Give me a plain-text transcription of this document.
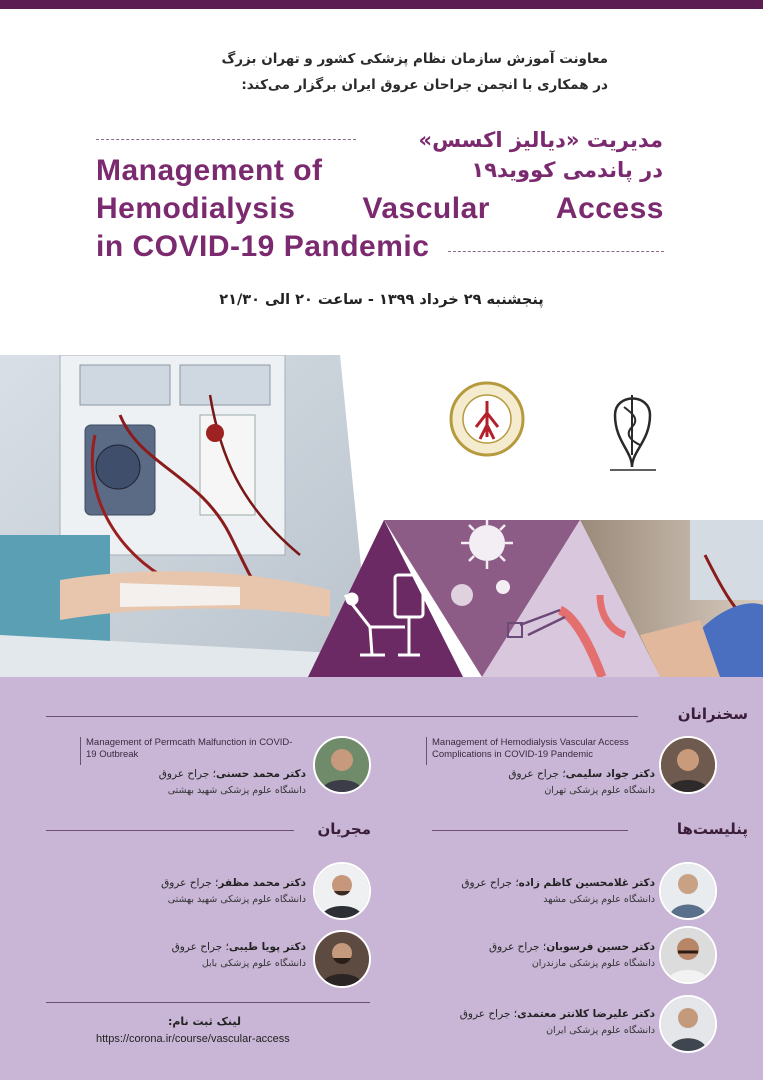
معاونت آموزش سازمان نظام پزشکی کشور و تهران بزرگ
در همکاری با انجمن جراحان عروق ایران برگزار می‌کند:
مدیریت «دیالیز اکسس»
در پاندمی کووید۱۹
Management of
Hemodialysis Vascular Access
in COVID-19 Pandemic
پنجشنبه ۲۹ خرداد ۱۳۹۹ - ساعت ۲۰ الی ۲۱/۳۰
سخنرانان
Management of Hemodialysis Vascular Access Complications in COVID-19 Pandemic
دکتر جواد سلیمی؛ جراح عروق
دانشگاه علوم پزشکی تهران
Management of Permcath Malfunction in COVID-19 Outbreak
دکتر محمد حسنی؛ جراح عروق
دانشگاه علوم پزشکی شهید بهشتی
مجریان	پنلیست‌ها
دکتر غلامحسین کاظم زاده؛ جراح عروق
دانشگاه علوم پزشکی مشهد
دکتر حسین فرسوبان؛ جراح عروق
دانشگاه علوم پزشکی مازندران
دکتر علیرضا کلانتر معتمدی؛ جراح عروق
دانشگاه علوم پزشکی ایران
دکتر محمد مظفر؛ جراح عروق
دانشگاه علوم پزشکی شهید بهشتی
دکتر پویا طیبی؛ جراح عروق
دانشگاه علوم پزشکی بابل
لینک ثبت نام:
https://corona.ir/course/vascular-access
